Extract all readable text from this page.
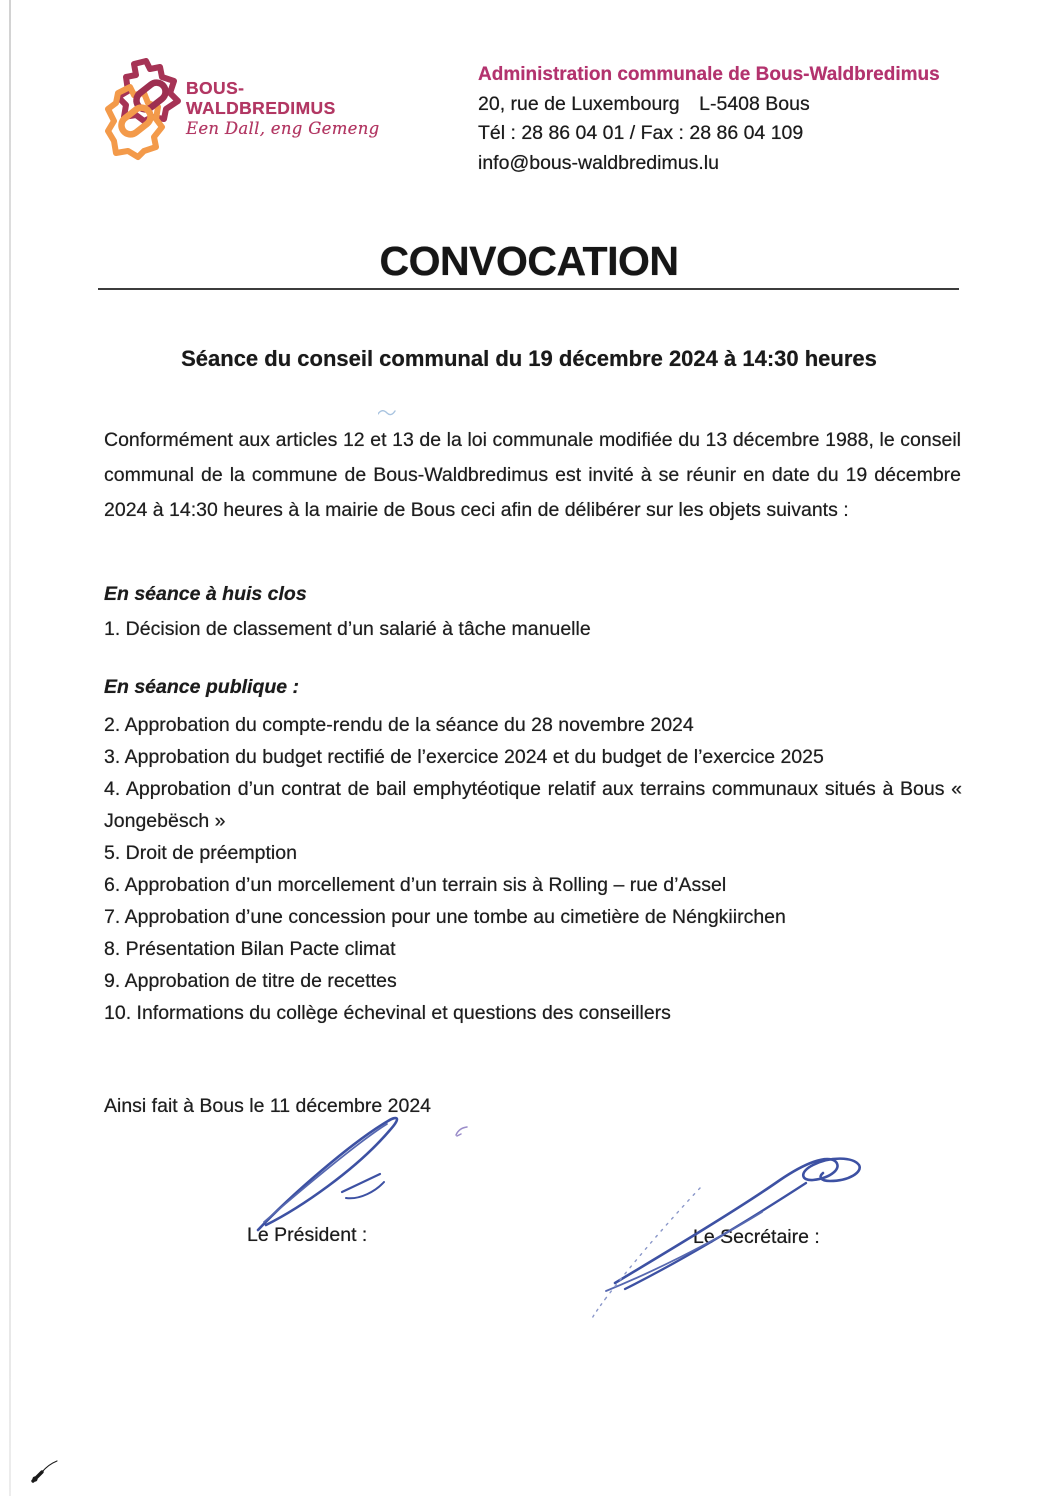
BOUS-
WALDBREDIMUS
Een Dall, eng Gemeng
Administration communale de Bous-Waldbredimus
20, rue de Luxembourg  L-5408 Bous
Tél : 28 86 04 01 / Fax : 28 86 04 109
info@bous-waldbredimus.lu
CONVOCATION
Séance du conseil communal du 19 décembre 2024 à 14:30 heures
Conformément aux articles 12 et 13 de la loi communale modifiée du 13 décembre 1988, le conseil communal de la commune de Bous-Waldbredimus est invité à se réunir en date du 19 décembre 2024 à 14:30 heures à la mairie de Bous ceci afin de délibérer sur les objets suivants :
En séance à huis clos
1. Décision de classement d’un salarié à tâche manuelle
En séance publique :
2. Approbation du compte-rendu de la séance du 28 novembre 2024
3. Approbation du budget rectifié de l’exercice 2024 et du budget de l’exercice 2025
4. Approbation d’un contrat de bail emphytéotique relatif aux terrains communaux situés à Bous « Jongebësch »
5. Droit de préemption
6. Approbation d’un morcellement d’un terrain sis à Rolling – rue d’Assel
7. Approbation d’une concession pour une tombe au cimetière de Néngkiirchen
8. Présentation Bilan Pacte climat
9. Approbation de titre de recettes
10. Informations du collège échevinal et questions des conseillers
Ainsi fait à Bous le 11 décembre 2024
Le Président :	Le Secrétaire :
